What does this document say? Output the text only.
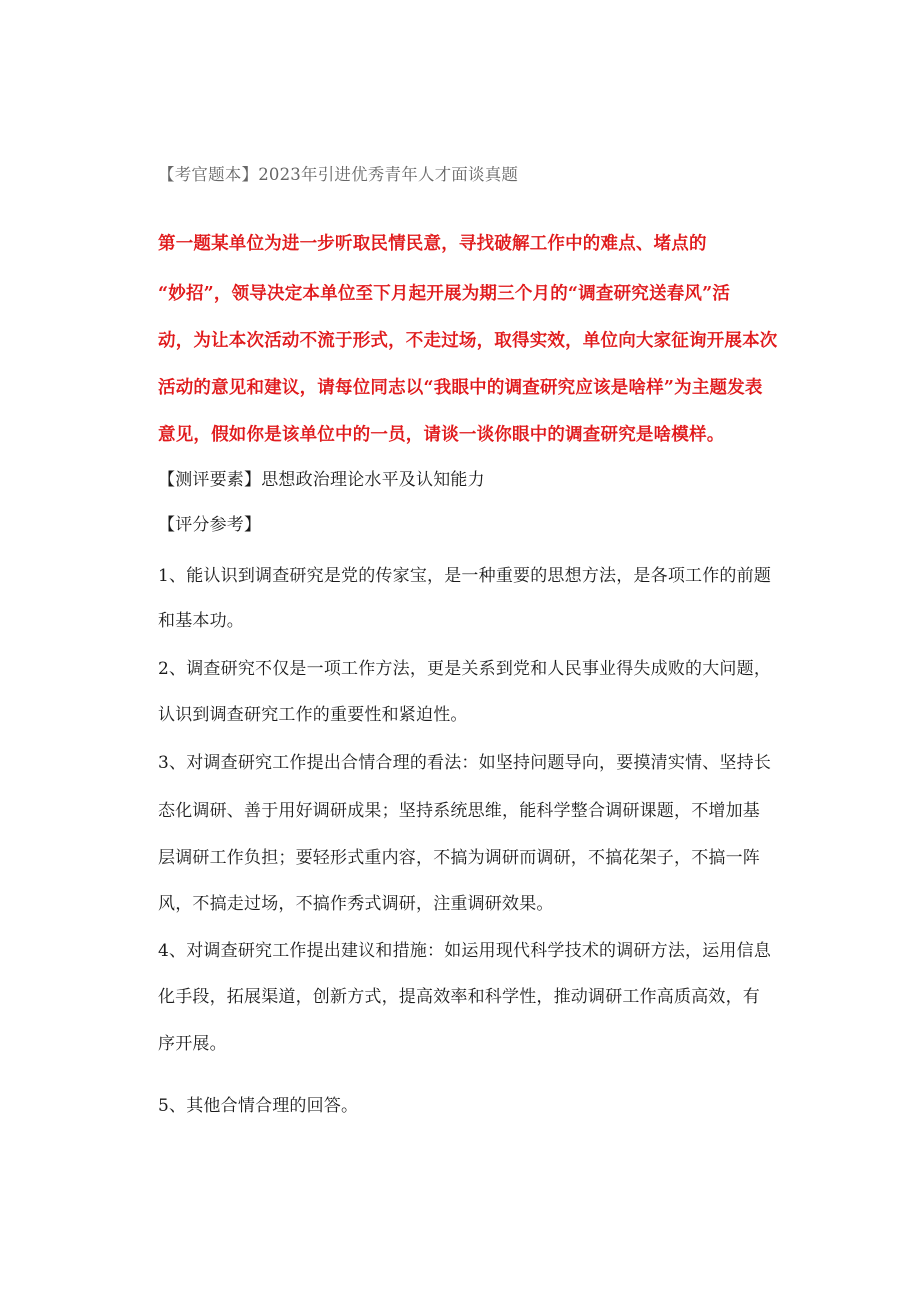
【考官题本】2023年引进优秀青年人才面谈真题
第一题某单位为进一步听取民情民意，寻找破解工作中的难点、堵点的
“妙招”，领导决定本单位至下月起开展为期三个月的“调查研究送春风”活
动，为让本次活动不流于形式，不走过场，取得实效，单位向大家征询开展本次
活动的意见和建议，请每位同志以“我眼中的调查研究应该是啥样”为主题发表
意见，假如你是该单位中的一员，请谈一谈你眼中的调查研究是啥模样。
【测评要素】思想政治理论水平及认知能力
【评分参考】
1、能认识到调查研究是党的传家宝，是一种重要的思想方法，是各项工作的前题
和基本功。
2、调查研究不仅是一项工作方法，更是关系到党和人民事业得失成败的大问题，
认识到调查研究工作的重要性和紧迫性。
3、对调查研究工作提出合情合理的看法：如坚持问题导向，要摸清实情、坚持长
态化调研、善于用好调研成果；坚持系统思维，能科学整合调研课题，不增加基
层调研工作负担；要轻形式重内容，不搞为调研而调研，不搞花架子，不搞一阵
风，不搞走过场，不搞作秀式调研，注重调研效果。
4、对调查研究工作提出建议和措施：如运用现代科学技术的调研方法，运用信息
化手段，拓展渠道，创新方式，提高效率和科学性，推动调研工作高质高效，有
序开展。
5、其他合情合理的回答。
